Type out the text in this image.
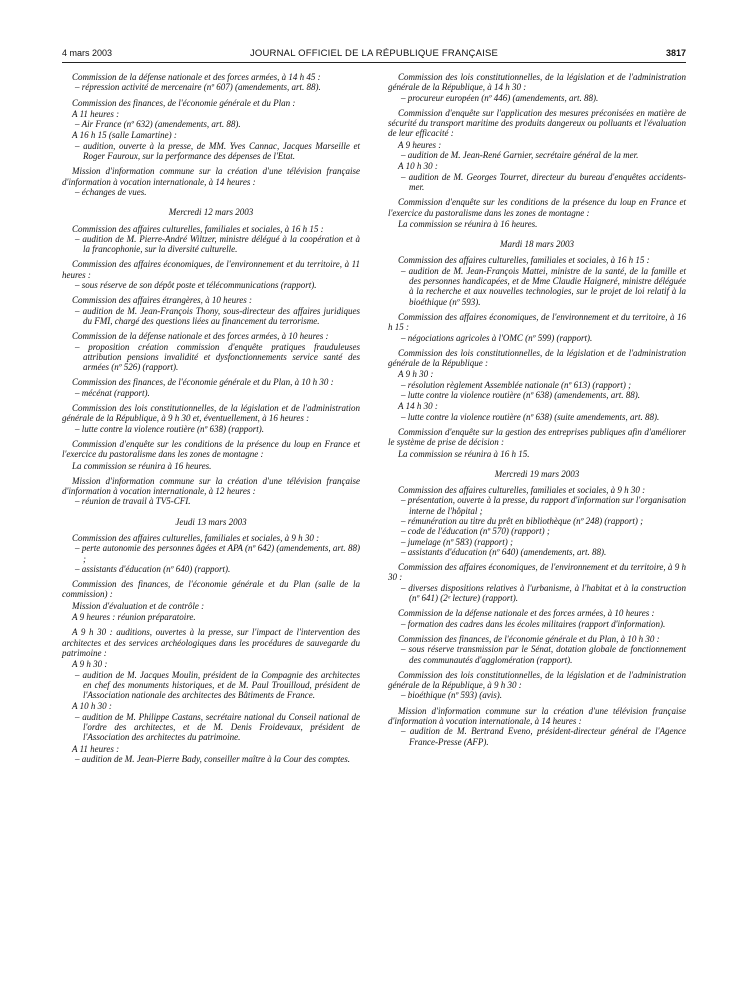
4 mars 2003	JOURNAL OFFICIEL DE LA RÉPUBLIQUE FRANÇAISE	3817

Commission de la défense nationale et des forces armées, à 14 h 45 :

– répression activité de mercenaire (nº 607) (amendements, art. 88).

Commission des finances, de l'économie générale et du Plan :

A 11 heures :

– Air France (nº 632) (amendements, art. 88).

A 16 h 15 (salle Lamartine) :

– audition, ouverte à la presse, de MM. Yves Cannac, Jacques Marseille et Roger Fauroux, sur la performance des dépenses de l'Etat.

Mission d'information commune sur la création d'une télévision française d'information à vocation internationale, à 14 heures :

– échanges de vues.

Mercredi 12 mars 2003

Commission des affaires culturelles, familiales et sociales, à 16 h 15 :

– audition de M. Pierre-André Wiltzer, ministre délégué à la coopération et à la francophonie, sur la diversité culturelle.

Commission des affaires économiques, de l'environnement et du territoire, à 11 heures :

– sous réserve de son dépôt poste et télécommunications (rapport).

Commission des affaires étrangères, à 10 heures :

– audition de M. Jean-François Thony, sous-directeur des affaires juridiques du FMI, chargé des questions liées au financement du terrorisme.

Commission de la défense nationale et des forces armées, à 10 heures :

– proposition création commission d'enquête pratiques frauduleuses attribution pensions invalidité et dysfonctionnements service santé des armées (nº 526) (rapport).

Commission des finances, de l'économie générale et du Plan, à 10 h 30 :

– mécénat (rapport).

Commission des lois constitutionnelles, de la législation et de l'administration générale de la République, à 9 h 30 et, éventuellement, à 16 heures :

– lutte contre la violence routière (nº 638) (rapport).

Commission d'enquête sur les conditions de la présence du loup en France et l'exercice du pastoralisme dans les zones de montagne :

La commission se réunira à 16 heures.

Mission d'information commune sur la création d'une télévision française d'information à vocation internationale, à 12 heures :

– réunion de travail à TV5-CFI.

Jeudi 13 mars 2003

Commission des affaires culturelles, familiales et sociales, à 9 h 30 :

– perte autonomie des personnes âgées et APA (nº 642) (amendements, art. 88) ;

– assistants d'éducation (nº 640) (rapport).

Commission des finances, de l'économie générale et du Plan (salle de la commission) :

Mission d'évaluation et de contrôle :

A 9 heures : réunion préparatoire.

A 9 h 30 : auditions, ouvertes à la presse, sur l'impact de l'intervention des architectes et des services archéologiques dans les procédures de sauvegarde du patrimoine :

A 9 h 30 :

– audition de M. Jacques Moulin, président de la Compagnie des architectes en chef des monuments historiques, et de M. Paul Trouilloud, président de l'Association nationale des architectes des Bâtiments de France.

A 10 h 30 :

– audition de M. Philippe Castans, secrétaire national du Conseil national de l'ordre des architectes, et de M. Denis Froidevaux, président de l'Association des architectes du patrimoine.

A 11 heures :

– audition de M. Jean-Pierre Bady, conseiller maître à la Cour des comptes.

Commission des lois constitutionnelles, de la législation et de l'administration générale de la République, à 14 h 30 :

– procureur européen (nº 446) (amendements, art. 88).

Commission d'enquête sur l'application des mesures préconisées en matière de sécurité du transport maritime des produits dangereux ou polluants et l'évaluation de leur efficacité :

A 9 heures :

– audition de M. Jean-René Garnier, secrétaire général de la mer.

A 10 h 30 :

– audition de M. Georges Tourret, directeur du bureau d'enquêtes accidents-mer.

Commission d'enquête sur les conditions de la présence du loup en France et l'exercice du pastoralisme dans les zones de montagne :

La commission se réunira à 16 heures.

Mardi 18 mars 2003

Commission des affaires culturelles, familiales et sociales, à 16 h 15 :

– audition de M. Jean-François Mattei, ministre de la santé, de la famille et des personnes handicapées, et de Mme Claudie Haigneré, ministre déléguée à la recherche et aux nouvelles technologies, sur le projet de loi relatif à la bioéthique (nº 593).

Commission des affaires économiques, de l'environnement et du territoire, à 16 h 15 :

– négociations agricoles à l'OMC (nº 599) (rapport).

Commission des lois constitutionnelles, de la législation et de l'administration générale de la République :

A 9 h 30 :

– résolution règlement Assemblée nationale (nº 613) (rapport) ;

– lutte contre la violence routière (nº 638) (amendements, art. 88).

A 14 h 30 :

– lutte contre la violence routière (nº 638) (suite amendements, art. 88).

Commission d'enquête sur la gestion des entreprises publiques afin d'améliorer le système de prise de décision :

La commission se réunira à 16 h 15.

Mercredi 19 mars 2003

Commission des affaires culturelles, familiales et sociales, à 9 h 30 :

– présentation, ouverte à la presse, du rapport d'information sur l'organisation interne de l'hôpital ;

– rémunération au titre du prêt en bibliothèque (nº 248) (rapport) ;

– code de l'éducation (nº 570) (rapport) ;

– jumelage (nº 583) (rapport) ;

– assistants d'éducation (nº 640) (amendements, art. 88).

Commission des affaires économiques, de l'environnement et du territoire, à 9 h 30 :

– diverses dispositions relatives à l'urbanisme, à l'habitat et à la construction (nº 641) (2ᵉ lecture) (rapport).

Commission de la défense nationale et des forces armées, à 10 heures :

– formation des cadres dans les écoles militaires (rapport d'information).

Commission des finances, de l'économie générale et du Plan, à 10 h 30 :

– sous réserve transmission par le Sénat, dotation globale de fonctionnement des communautés d'agglomération (rapport).

Commission des lois constitutionnelles, de la législation et de l'administration générale de la République, à 9 h 30 :

– bioéthique (nº 593) (avis).

Mission d'information commune sur la création d'une télévision française d'information à vocation internationale, à 14 heures :

– audition de M. Bertrand Eveno, président-directeur général de l'Agence France-Presse (AFP).
